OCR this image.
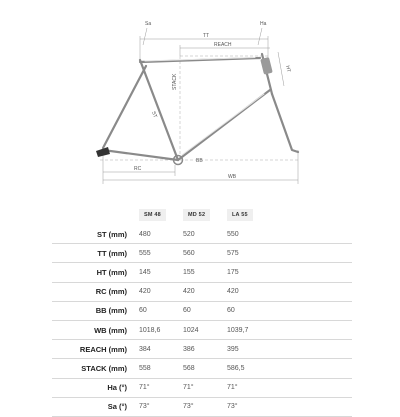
TT
REACH
STACK
ST
HT
RC
BB
WB
Ha
Sa
	SM 48	MD 52	LA 55	
ST (mm)	480	520	550	
TT (mm)	555	560	575	
HT (mm)	145	155	175	
RC (mm)	420	420	420	
BB (mm)	60	60	60	
WB (mm)	1018,6	1024	1039,7	
REACH (mm)	384	386	395	
STACK (mm)	558	568	586,5	
Ha (°)	71°	71°	71°	
Sa (°)	73°	73°	73°	
